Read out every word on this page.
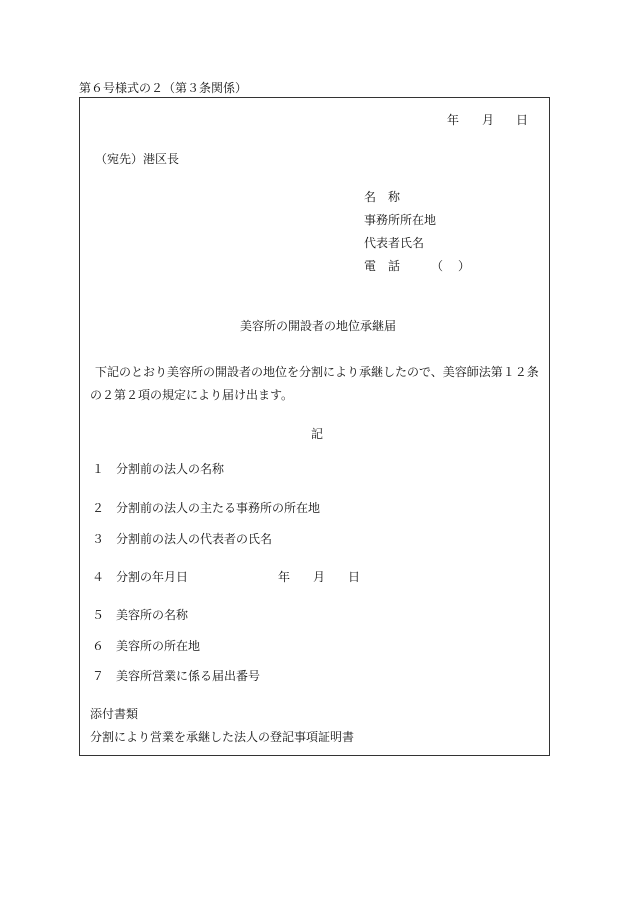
第６号様式の２（第３条関係）
年 月 日
（宛先）港区長
名　称
事務所所在地
代表者氏名
電　話	（ ）
美容所の開設者の地位承継届
下記のとおり美容所の開設者の地位を分割により承継したので、美容師法第１２条
の２第２項の規定により届け出ます。
記
１ 分割前の法人の名称
２ 分割前の法人の主たる事務所の所在地
３ 分割前の法人の代表者の氏名
４ 分割の年月日	年 月 日
５ 美容所の名称
６ 美容所の所在地
７ 美容所営業に係る届出番号
添付書類
分割により営業を承継した法人の登記事項証明書
